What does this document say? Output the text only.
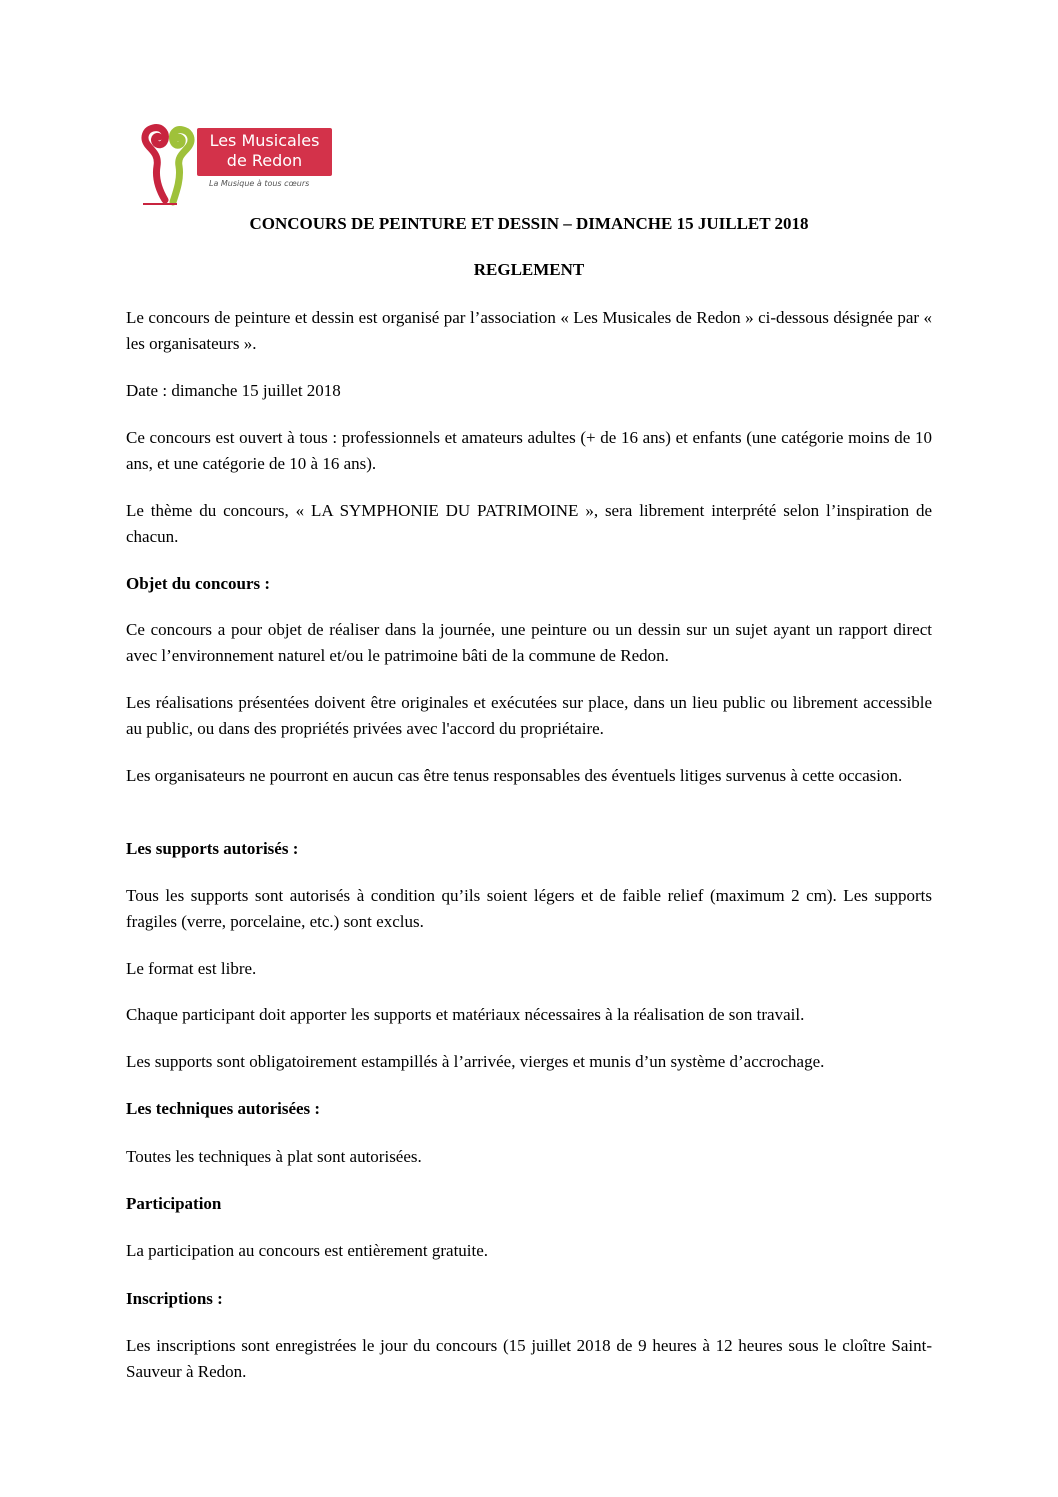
Les Musicales
de Redon
La Musique à tous cœurs
CONCOURS DE PEINTURE ET DESSIN – DIMANCHE 15 JUILLET 2018
REGLEMENT

Le concours de peinture et dessin est organisé par l’association « Les Musicales de Redon » ci-dessous désignée par « les organisateurs ».

Date : dimanche 15 juillet 2018

Ce concours est ouvert à tous : professionnels et amateurs adultes (+ de 16 ans) et enfants (une catégorie moins de 10 ans, et une catégorie de 10 à 16 ans).

Le thème du concours, « LA SYMPHONIE DU PATRIMOINE », sera librement interprété selon l’inspiration de chacun.

Objet du concours :

Ce concours a pour objet de réaliser dans la journée, une peinture ou un dessin sur un sujet ayant un rapport direct avec l’environnement naturel et/ou le patrimoine bâti de la commune de Redon.

Les réalisations présentées doivent être originales et exécutées sur place, dans un lieu public ou librement accessible au public, ou dans des propriétés privées avec l'accord du propriétaire.

Les organisateurs ne pourront en aucun cas être tenus responsables des éventuels litiges survenus à cette occasion.

Les supports autorisés :

Tous les supports sont autorisés à condition qu’ils soient légers et de faible relief (maximum 2 cm). Les supports fragiles (verre, porcelaine, etc.) sont exclus.

Le format est libre.

Chaque participant doit apporter les supports et matériaux nécessaires à la réalisation de son travail.

Les supports sont obligatoirement estampillés à l’arrivée, vierges et munis d’un système d’accrochage.

Les techniques autorisées :

Toutes les techniques à plat sont autorisées.

Participation

La participation au concours est entièrement gratuite.

Inscriptions :

Les inscriptions sont enregistrées le jour du concours (15 juillet 2018 de 9 heures à 12 heures sous le cloître Saint-Sauveur à Redon.
